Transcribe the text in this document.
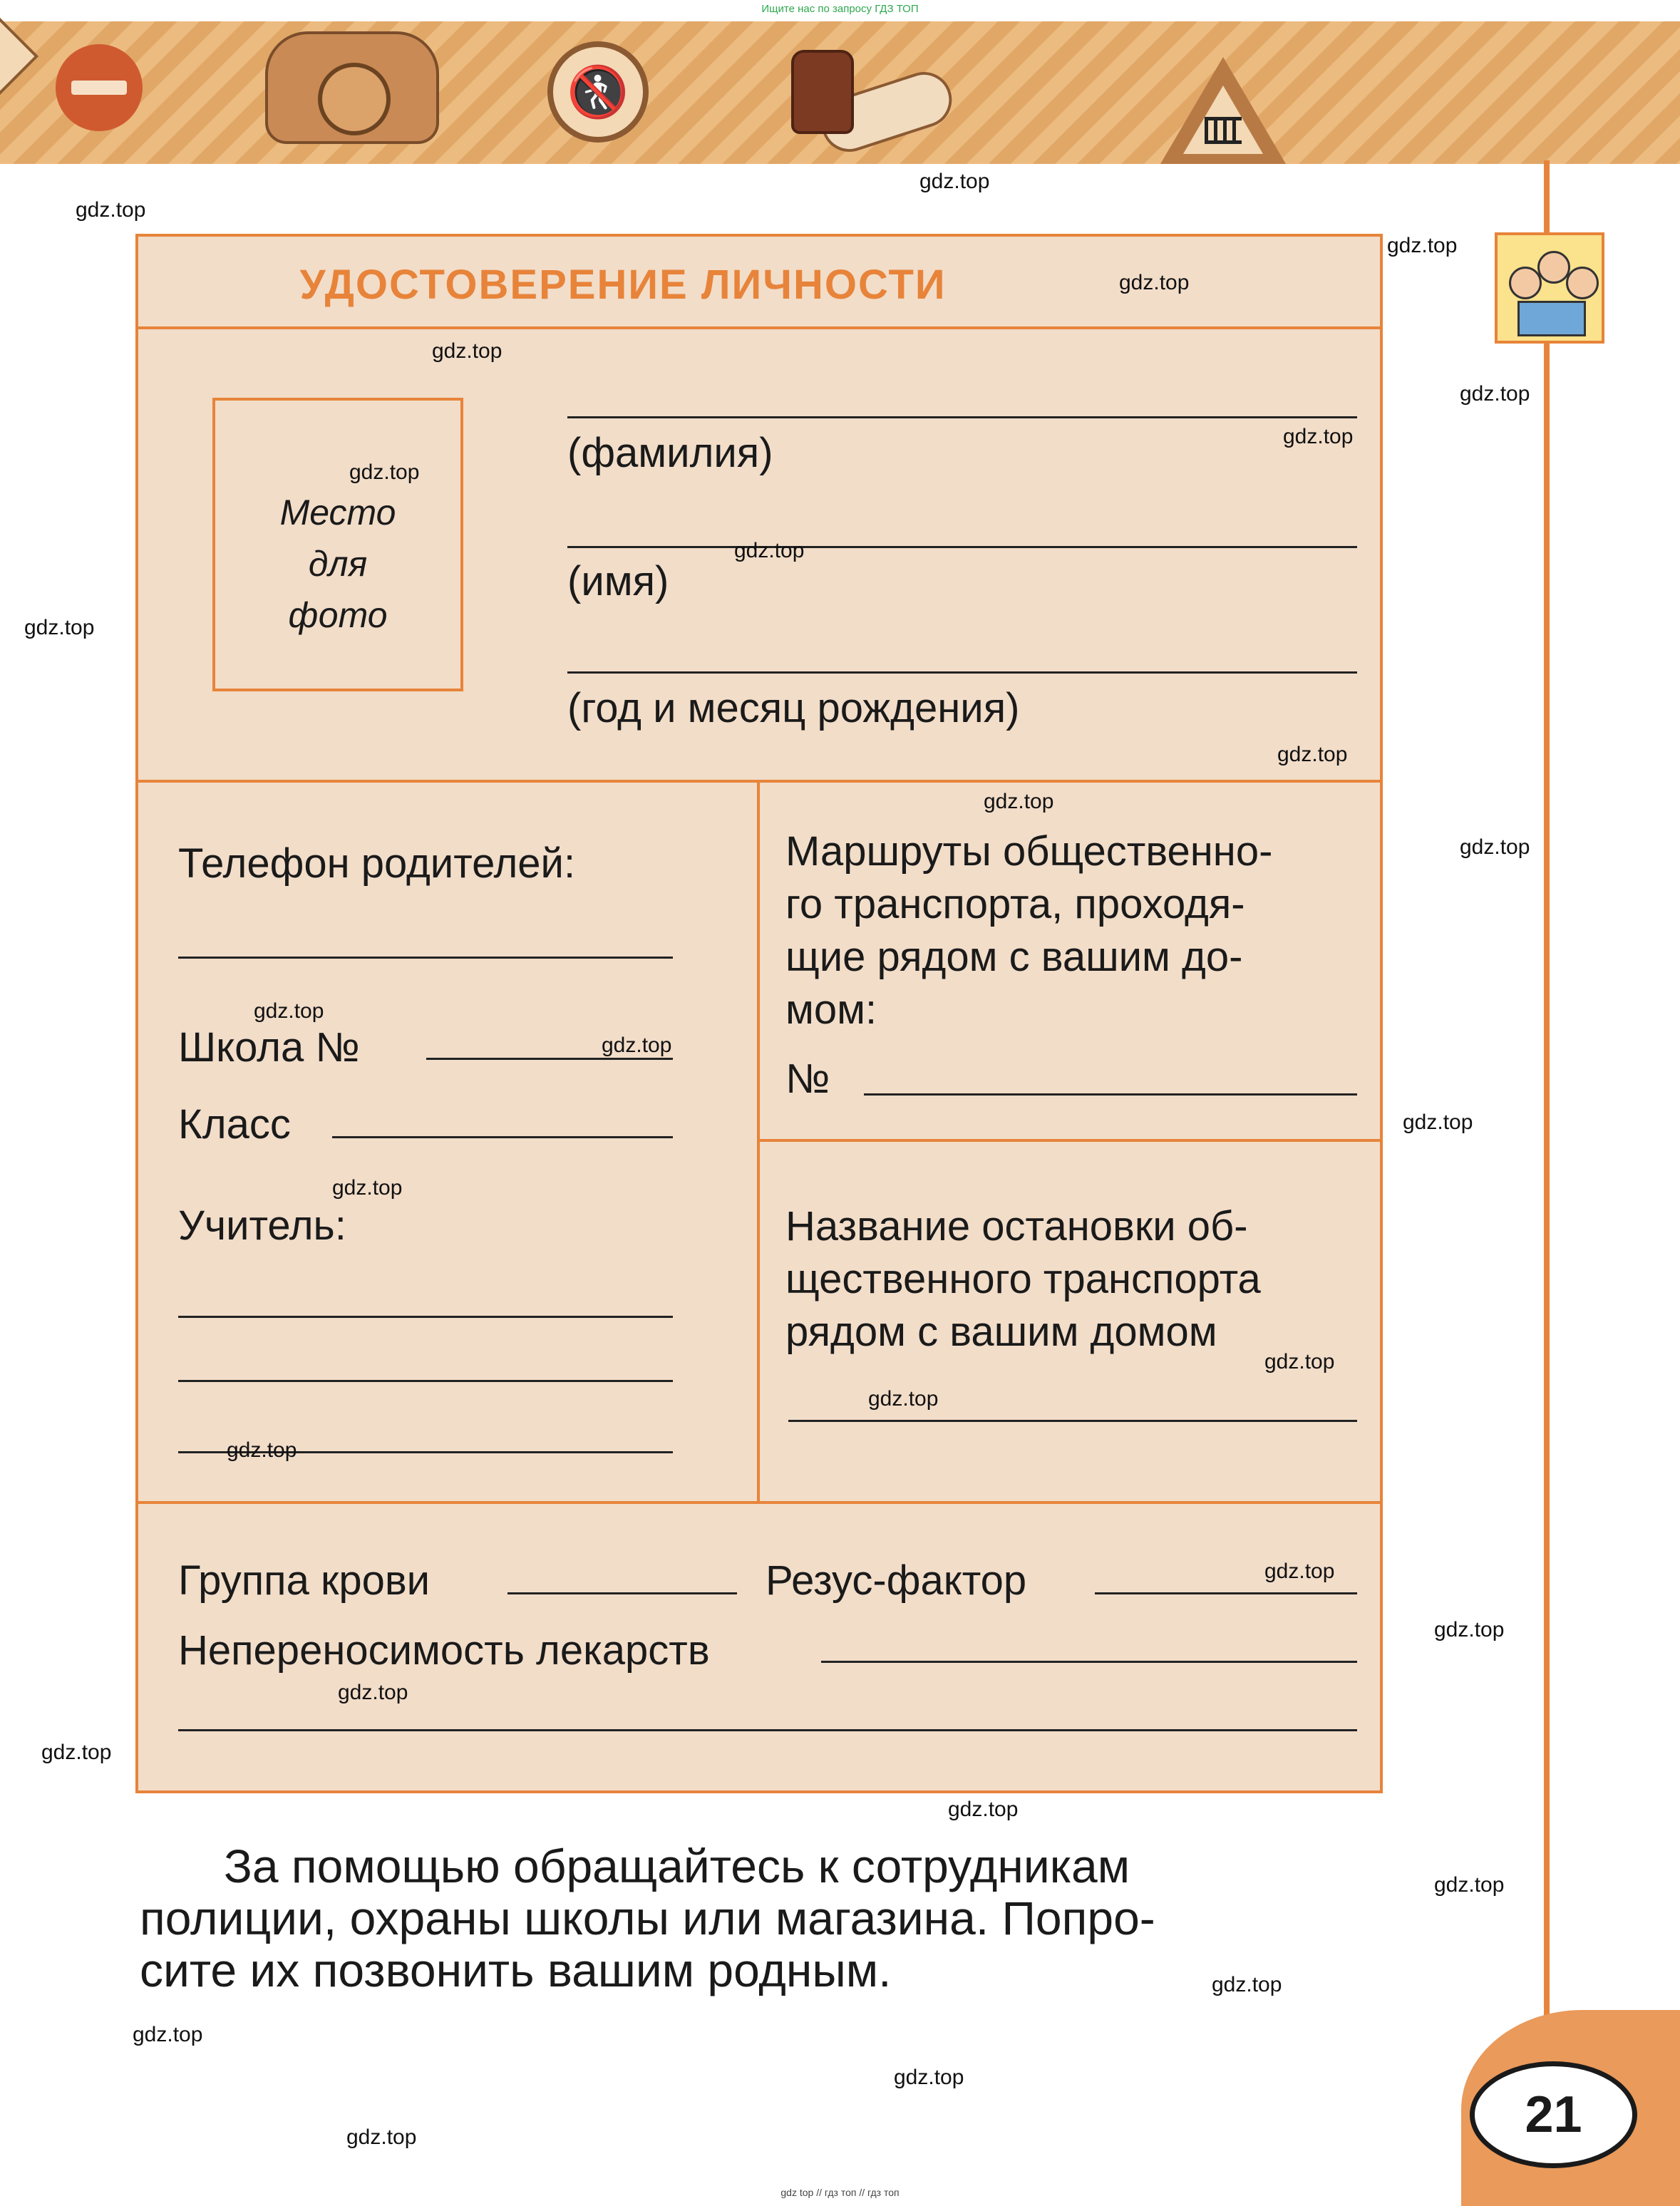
Ищите нас по запросу ГДЗ ТОП
🚷
УДОСТОВЕРЕНИЕ ЛИЧНОСТИ
Место
для
фото
(фамилия)
(имя)
(год и месяц рождения)
Телефон родителей:
Школа №
Класс
Учитель:
Маршруты общественно-
го транспорта, проходя-
щие рядом с вашим до-
мом:
№
Название остановки об-
щественного транспорта
рядом с вашим домом
Группа крови	Резус-фактор
Непереносимость лекарств
За помощью обращайтесь к сотрудникам
полиции, охраны школы или магазина. Попро-
сите их позвонить вашим родным.
21
gdz.top
gdz.top
gdz.top
gdz.top
gdz.top
gdz.top
gdz.top
gdz.top
gdz.top
gdz.top
gdz.top
gdz.top
gdz.top
gdz.top
gdz.top
gdz.top
gdz.top
gdz.top
gdz.top
gdz.top
gdz.top
gdz.top
gdz.top
gdz.top
gdz.top
gdz.top
gdz.top
gdz.top
gdz.top
gdz.top
gdz top // гдз топ // гдз топ
